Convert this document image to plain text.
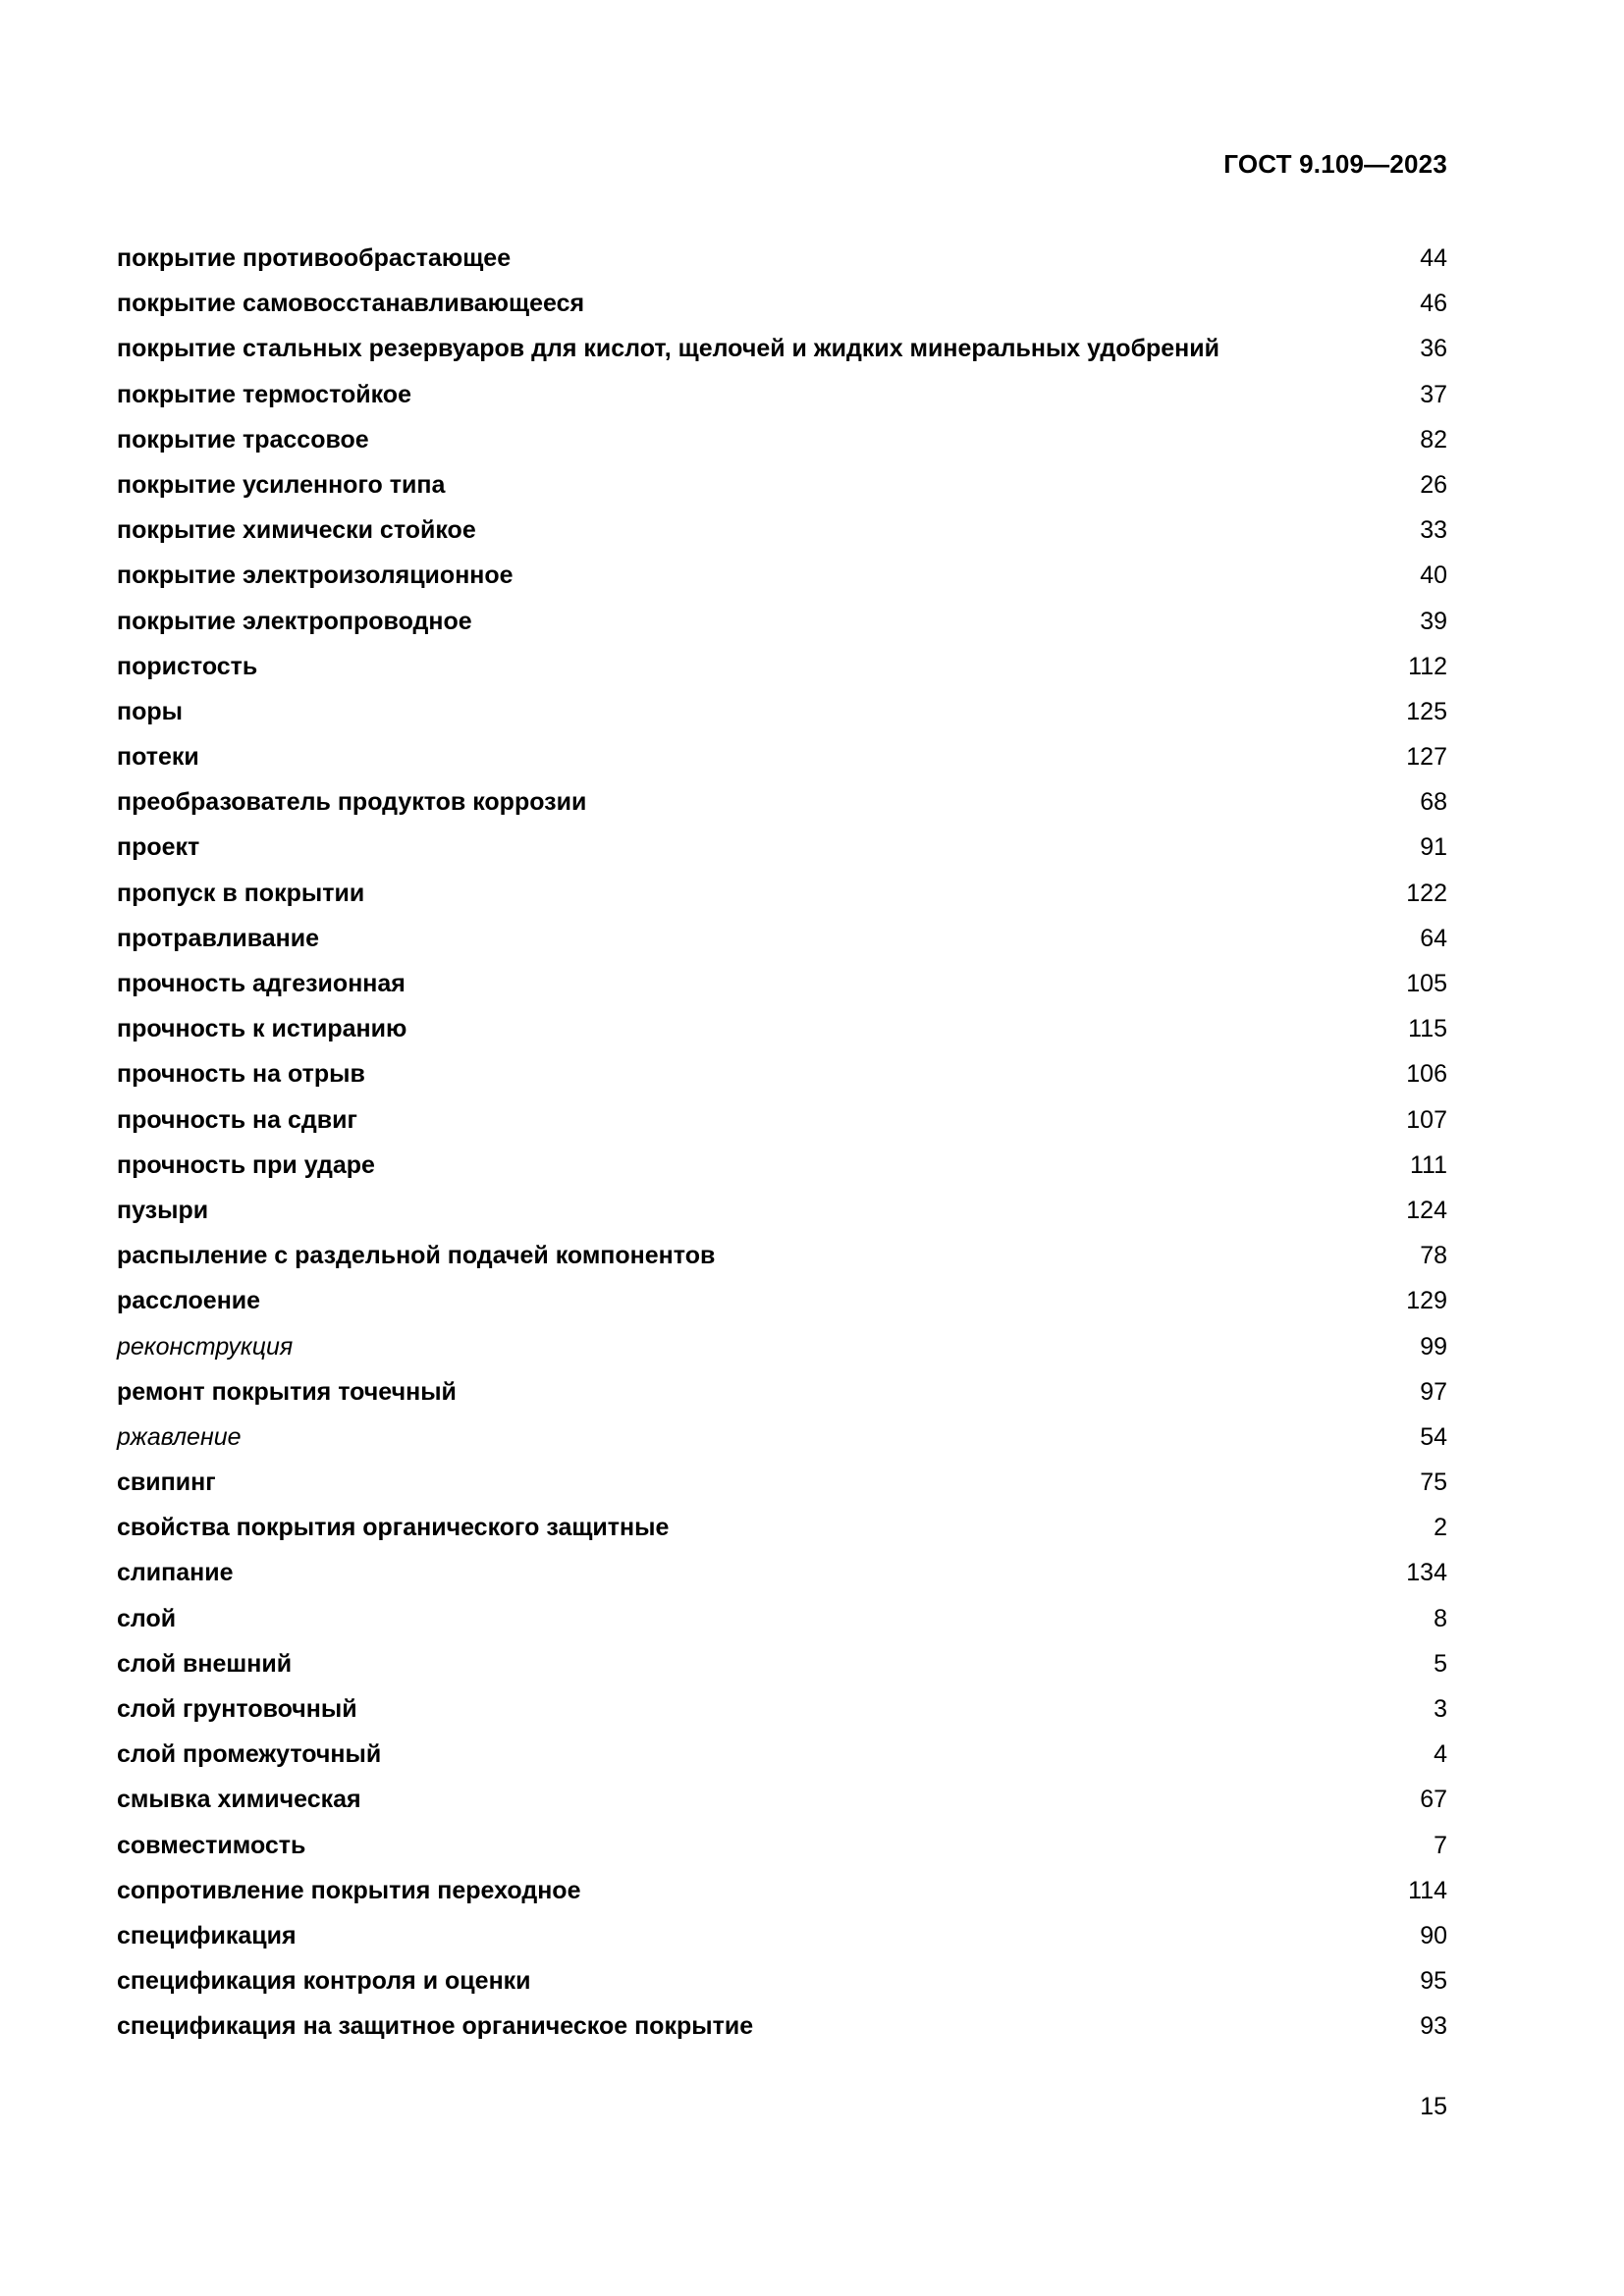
ГОСТ 9.109—2023
покрытие противообрастающее	44
покрытие самовосстанавливающееся	46
покрытие стальных резервуаров для кислот, щелочей и жидких минеральных удобрений	36
покрытие термостойкое	37
покрытие трассовое	82
покрытие усиленного типа	26
покрытие химически стойкое	33
покрытие электроизоляционное	40
покрытие электропроводное	39
пористость	112
поры	125
потеки	127
преобразователь продуктов коррозии	68
проект	91
пропуск в покрытии	122
протравливание	64
прочность адгезионная	105
прочность к истиранию	115
прочность на отрыв	106
прочность на сдвиг	107
прочность при ударе	111
пузыри	124
распыление с раздельной подачей компонентов	78
расслоение	129
реконструкция	99
ремонт покрытия точечный	97
ржавление	54
свипинг	75
свойства покрытия органического защитные	2
слипание	134
слой	8
слой внешний	5
слой грунтовочный	3
слой промежуточный	4
смывка химическая	67
совместимость	7
сопротивление покрытия переходное	114
спецификация	90
спецификация контроля и оценки	95
спецификация на защитное органическое покрытие	93
15
